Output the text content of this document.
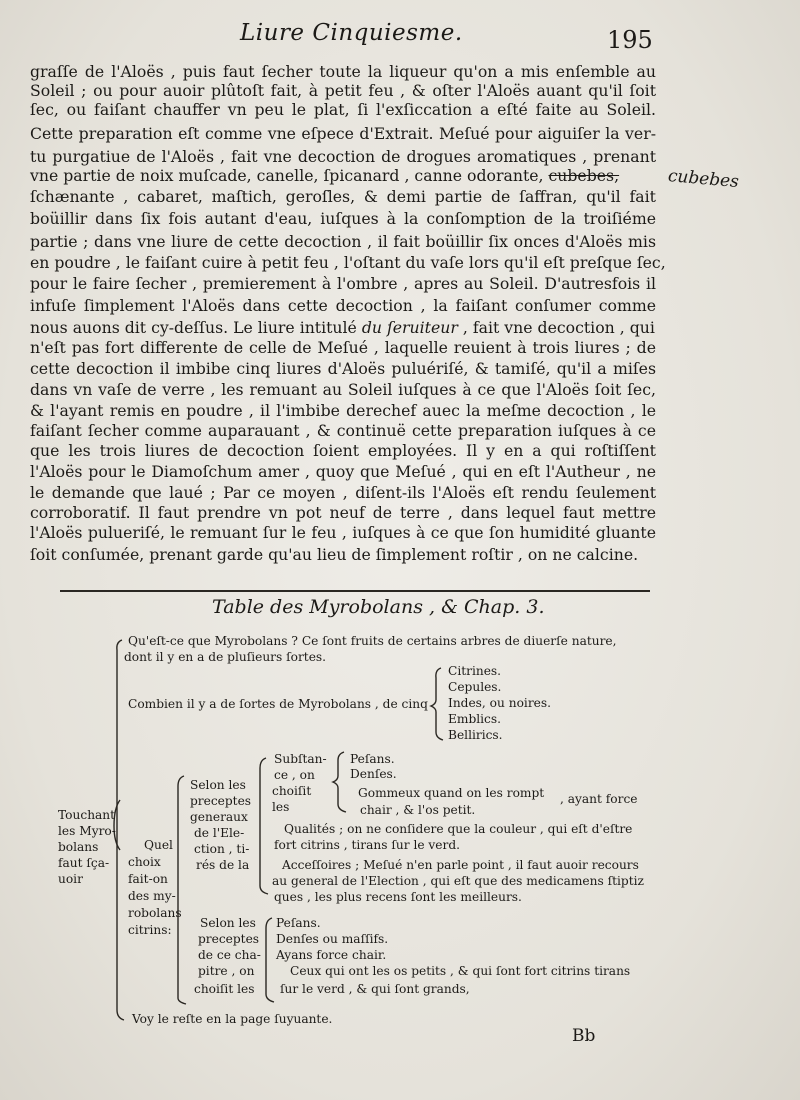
Liure Cinquiesme.	195
graſſe de l'Aloës , puis faut ſecher toute la liqueur qu'on a mis enſemble au
Soleil ; ou pour auoir plûtoſt fait, à petit feu , & oſter l'Aloës auant qu'il ſoit
ſec, ou faiſant chauffer vn peu le plat, ſi l'exſiccation a eſté faite au Soleil.
Cette preparation eſt comme vne eſpece d'Extrait. Meſué pour aiguiſer la ver-
tu purgatiue de l'Aloës , fait vne decoction de drogues aromatiques , prenant
vne partie de noix muſcade, canelle, ſpicanard , canne odorante, cubebes,
ſchænante , cabaret, maſtich, geroſles, & demi partie de ſaffran, qu'il fait
boüillir dans ſix fois autant d'eau, iuſques à la conſomption de la troiſiéme
partie ; dans vne liure de cette decoction , il fait boüillir ſix onces d'Aloës mis
en poudre , le faiſant cuire à petit feu , l'oſtant du vaſe lors qu'il eſt preſque ſec,
pour le faire ſecher , premierement à l'ombre , apres au Soleil. D'autresfois il
infuſe ſimplement l'Aloës dans cette decoction , la faiſant conſumer comme
nous auons dit cy-deſſus. Le liure intitulé du ſeruiteur , fait vne decoction , qui
n'eſt pas fort differente de celle de Meſué , laquelle reuient à trois liures ; de
cette decoction il imbibe cinq liures d'Aloës puluériſé, & tamiſé, qu'il a miſes
dans vn vaſe de verre , les remuant au Soleil iuſques à ce que l'Aloës ſoit ſec,
& l'ayant remis en poudre , il l'imbibe derechef auec la meſme decoction , le
faiſant ſecher comme auparauant , & continuë cette preparation iuſques à ce
que les trois liures de decoction ſoient employées. Il y en a qui roſtiſſent
l'Aloës pour le Diamoſchum amer , quoy que Meſué , qui en eſt l'Autheur , ne
le demande que laué ; Par ce moyen , diſent-ils l'Aloës eſt rendu ſeulement
corroboratif. Il faut prendre vn pot neuf de terre , dans lequel faut mettre
l'Aloës pulueriſé, le remuant ſur le feu , iuſques à ce que ſon humidité gluante
ſoit conſumée, prenant garde qu'au lieu de ſimplement roſtir , on ne calcine.
cubebes
Table des Myrobolans , & Chap. 3.
Qu'eſt-ce que Myrobolans ? Ce ſont fruits de certains arbres de diuerſe nature,
dont il y en a de pluſieurs ſortes.
Combien il y a de ſortes de Myrobolans , de cinq
Citrines.
Cepules.
Indes, ou noires.
Emblics.
Bellirics.
Touchant
les Myro-
bolans
faut ſça-
uoir
Quel
choix
fait-on
des my-
robolans
citrins:
Selon les
preceptes
generaux
de l'Ele-
ction , ti-
rés de la
Subſtan-
ce , on
choiſit
les
Peſans.
Denſes.
Gommeux quand on les rompt , ayant force
chair , & l'os petit.
Qualités ; on ne conſidere que la couleur , qui eſt d'eſtre
fort citrins , tirans ſur le verd.
Acceſſoires ; Meſué n'en parle point , il faut auoir recours
au general de l'Election , qui eſt que des medicamens ſtiptiz
ques , les plus recens ſont les meilleurs.
Selon les
preceptes
de ce cha-
pitre , on
choiſit les
Peſans.
Denſes ou maſſifs.
Ayans force chair.
Ceux qui ont les os petits , & qui ſont fort citrins tirans
ſur le verd , & qui ſont grands,
Voy le reſte en la page ſuyuante.
Bb
